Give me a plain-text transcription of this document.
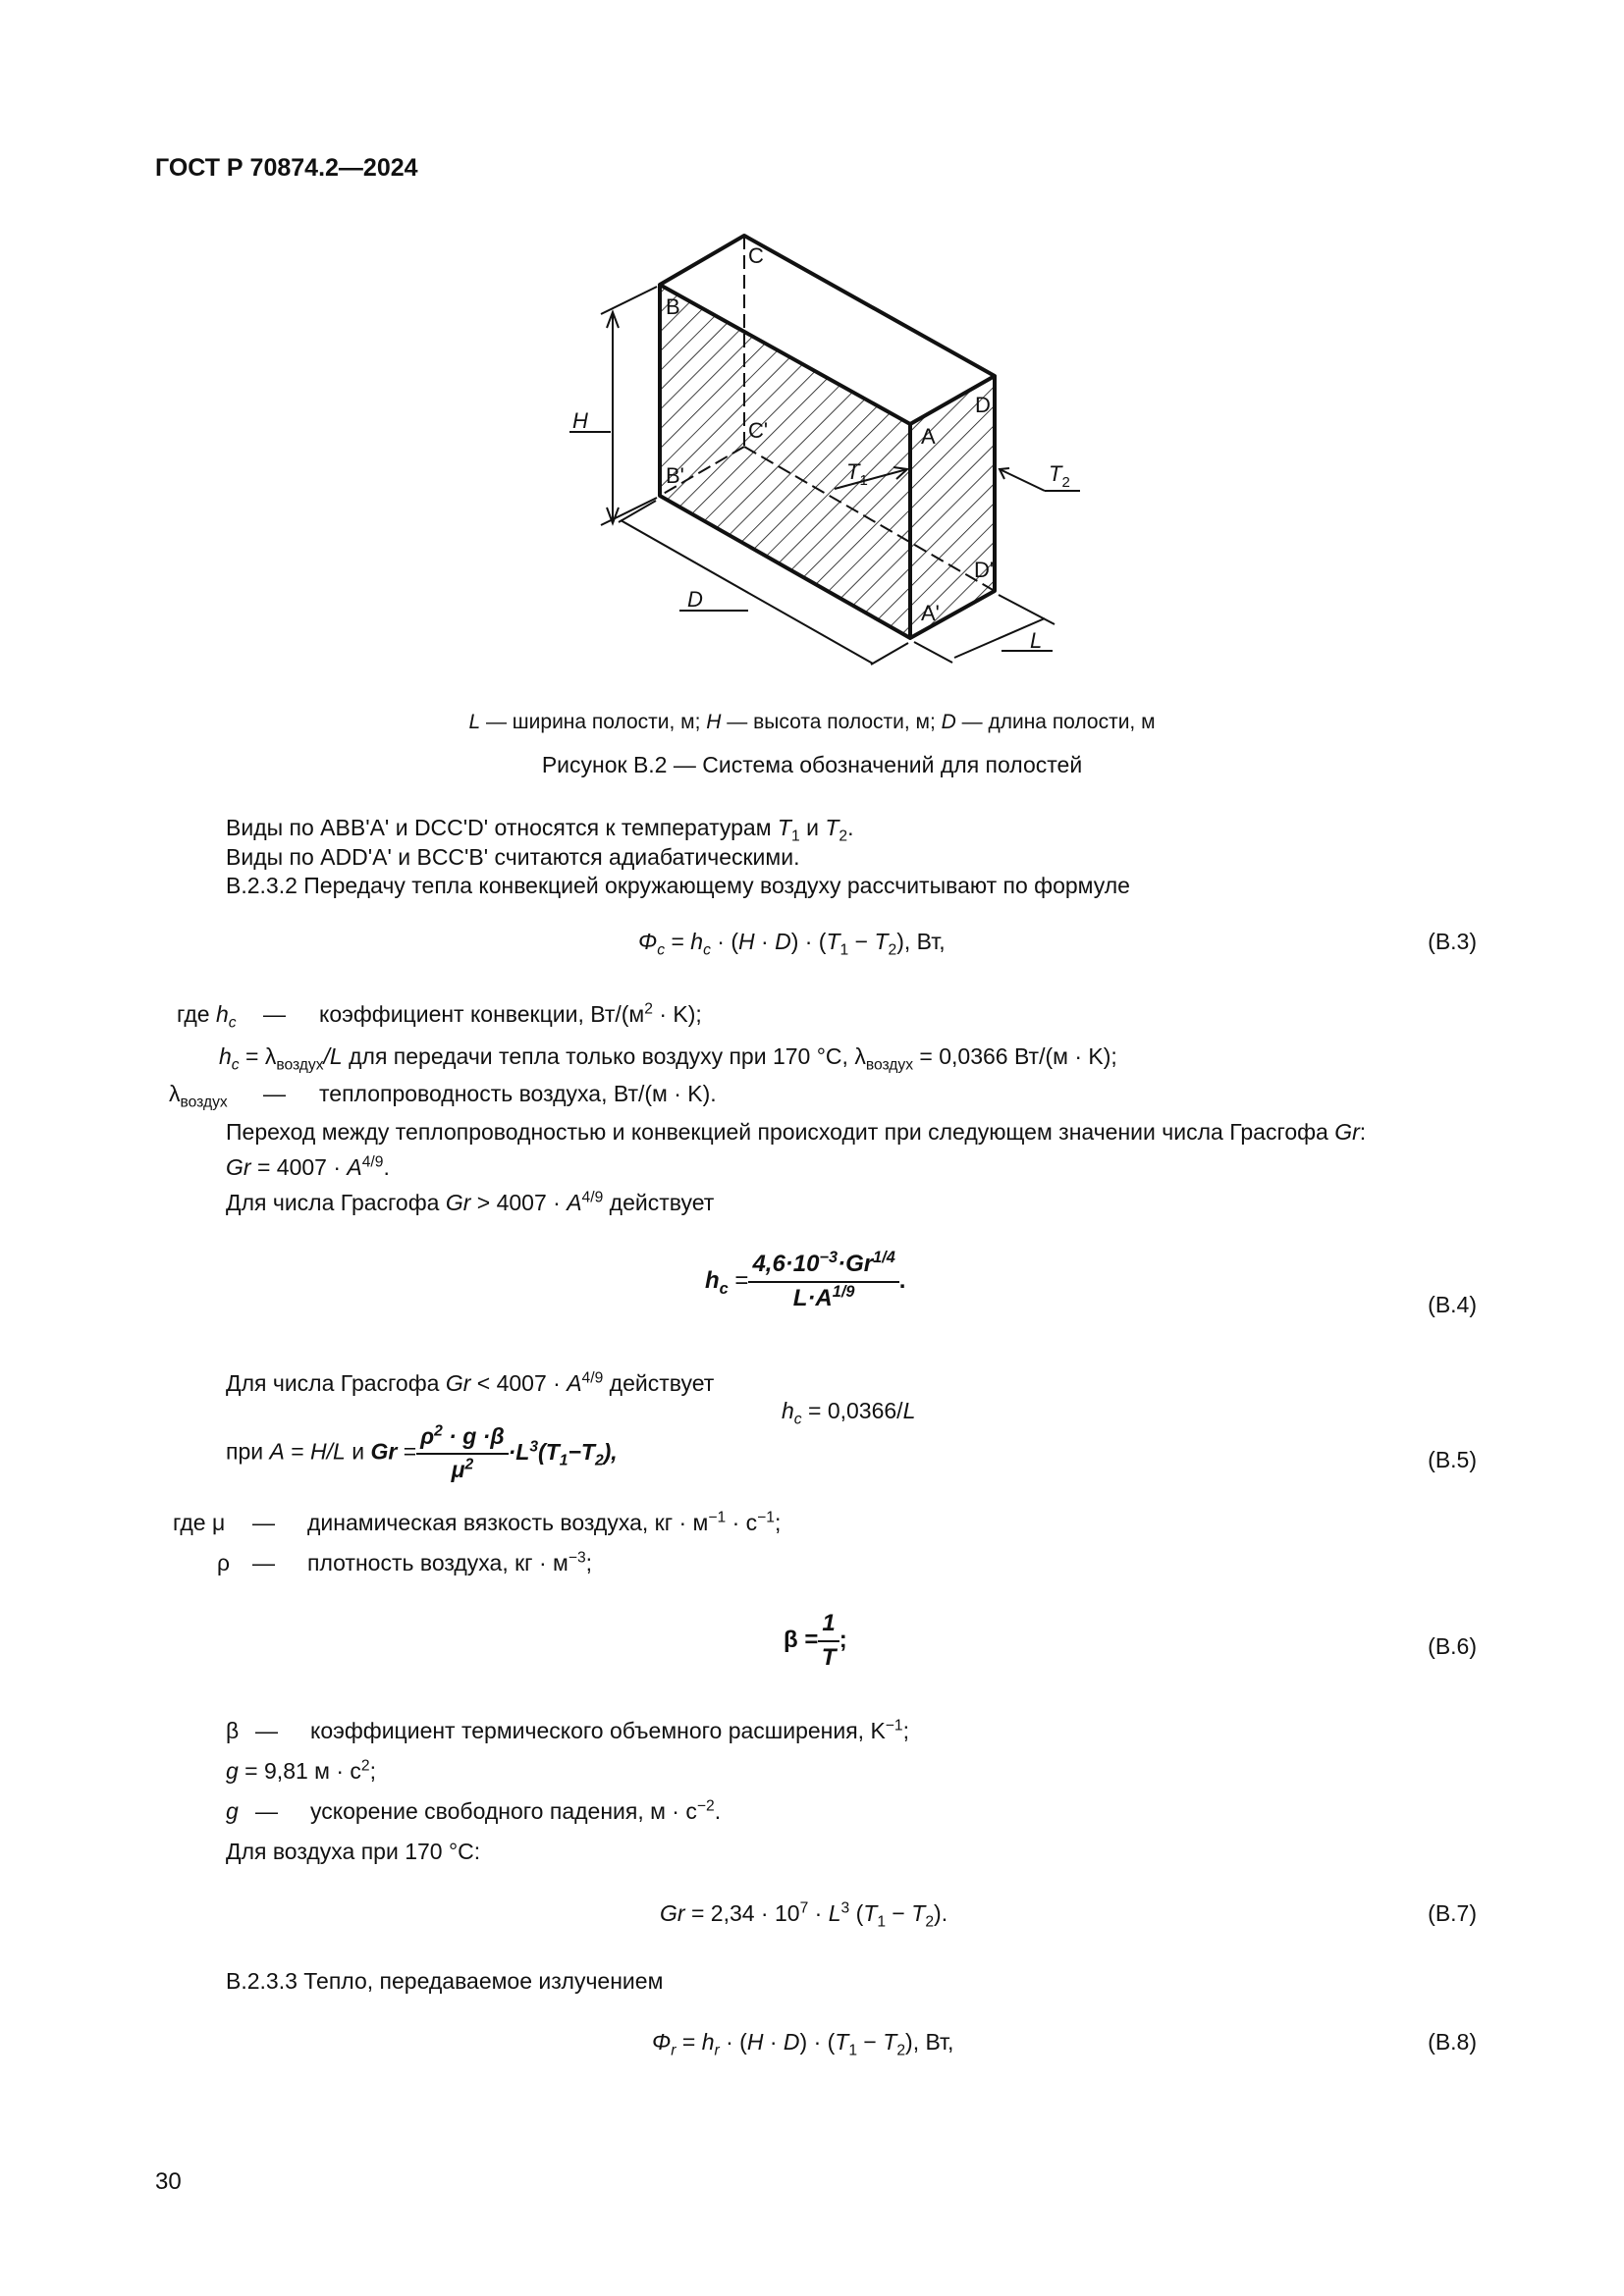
ГОСТ Р 70874.2—2024
C
B
C'
B'
A
D
D'
A'
H
D
L
$T_1$	$T_2$
L — ширина полости, м; H — высота полости, м; D — длина полости, м
Рисунок В.2 — Система обозначений для полостей
Виды по ABB'A' и DCC'D' относятся к температурам $T_1$ и $T_2$.
Виды по ADD'A' и BCC'B' считаются адиабатическими.
В.2.3.2 Передачу тепла конвекцией окружающему воздуху рассчитывают по формуле
$\Phi_c = h_c \cdot (H \cdot D) \cdot (T_1 - T_2)$, Вт,	(B.3)
где $h_c$ — коэффициент конвекции, $Вт/(м^2 \cdot K)$;
$h_c = \lambda_{воздух}/L$ для передачи тепла только воздуху при 170 °С, $\lambda_{воздух} = 0,0366$ Вт/(м · K);
$\lambda_{воздух}$ — теплопроводность воздуха, Вт/(м · K).
Переход между теплопроводностью и конвекцией происходит при следующем значении числа Грасгофа Gr:
$Gr = 4007 \cdot A^{4/9}$.
Для числа Грасгофа $Gr > 4007 \cdot A^{4/9}$ действует
$h_c = \frac{4,6\cdot 10^{-3}\cdot Gr^{1/4}}{L\cdot A^{1/9}}$ .
(B.4)
Для числа Грасгофа $Gr < 4007 \cdot A^{4/9}$ действует
$h_c = 0,0366/L$
при A = H/L и $Gr = \frac{\rho^2 \cdot g \cdot\beta}{\mu^2} \cdot L^3(T_1-T_2)$,	(B.5)
где μ — динамическая вязкость воздуха, кг · $м^{-1} \cdot с^{-1}$;
ρ — плотность воздуха, кг · $м^{-3}$;
$\beta = \frac{1}{T}$ ;	(B.6)
β — коэффициент термического объемного расширения, $K^{-1}$;
g = 9,81 $м \cdot с^2$;
g — ускорение свободного падения, $м \cdot с^{-2}$.
Для воздуха при 170 °С:
$Gr = 2,34 \cdot 10^7 \cdot L^3$ $(T_1 - T_2)$.	(B.7)
В.2.3.3 Тепло, передаваемое излучением
$\Phi_r = h_r \cdot (H \cdot D) \cdot (T_1 - T_2)$, Вт,	(B.8)
30
